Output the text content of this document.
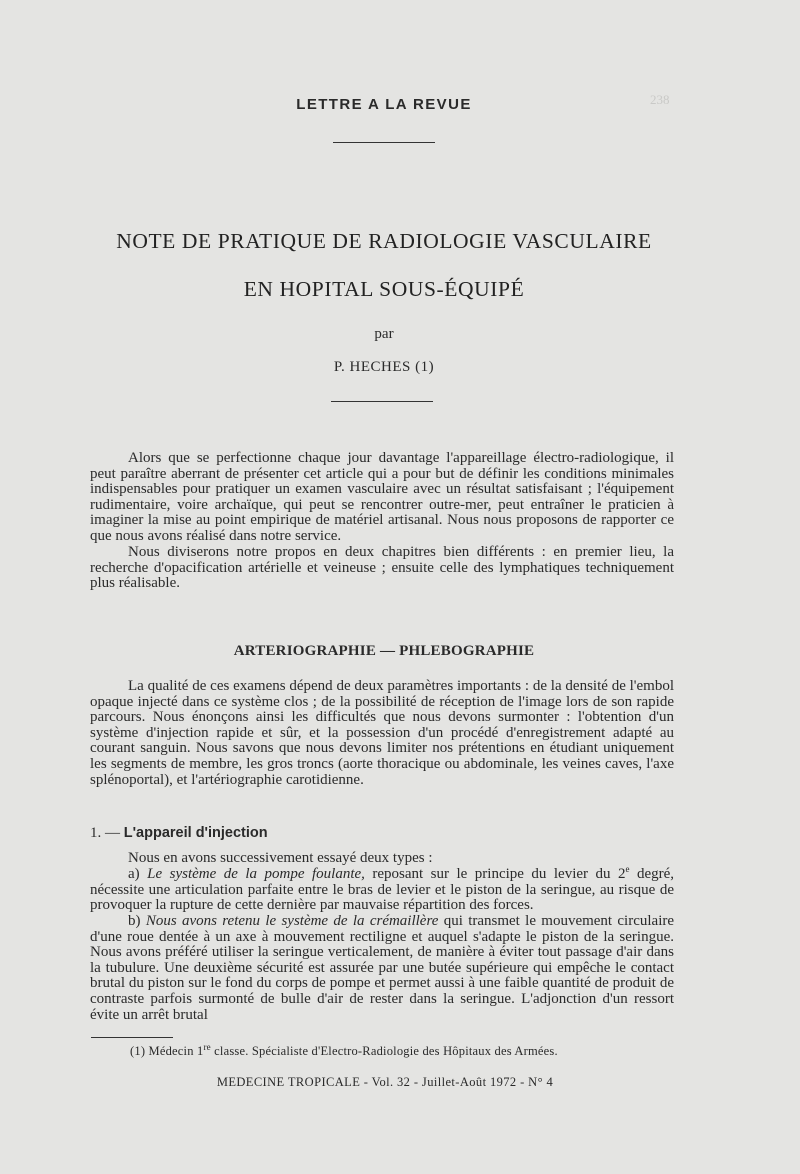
238
LETTRE A LA REVUE
NOTE DE PRATIQUE DE RADIOLOGIE VASCULAIRE
EN HOPITAL SOUS-ÉQUIPÉ
par
P. HECHES (1)

Alors que se perfectionne chaque jour davantage l'appareillage électro-radiologique, il peut paraître aberrant de présenter cet article qui a pour but de définir les conditions minimales indispensables pour pratiquer un examen vasculaire avec un résultat satisfaisant ; l'équipement rudimentaire, voire archaïque, qui peut se rencontrer outre-mer, peut entraîner le praticien à imaginer la mise au point empirique de matériel artisanal. Nous nous proposons de rapporter ce que nous avons réalisé dans notre service.

Nous diviserons notre propos en deux chapitres bien différents : en premier lieu, la recherche d'opacification artérielle et veineuse ; ensuite celle des lymphatiques techniquement plus réalisable.

ARTERIOGRAPHIE — PHLEBOGRAPHIE

La qualité de ces examens dépend de deux paramètres importants : de la densité de l'embol opaque injecté dans ce système clos ; de la possibilité de réception de l'image lors de son rapide parcours. Nous énonçons ainsi les difficultés que nous devons surmonter : l'obtention d'un système d'injection rapide et sûr, et la possession d'un procédé d'enregistrement adapté au courant sanguin. Nous savons que nous devons limiter nos prétentions en étudiant uniquement les segments de membre, les gros troncs (aorte thoracique ou abdominale, les veines caves, l'axe splénoportal), et l'artériographie carotidienne.

1. — L'appareil d'injection

Nous en avons successivement essayé deux types :

a) Le système de la pompe foulante, reposant sur le principe du levier du 2e degré, nécessite une articulation parfaite entre le bras de levier et le piston de la seringue, au risque de provoquer la rupture de cette dernière par mauvaise répartition des forces.

b) Nous avons retenu le système de la crémaillère qui transmet le mouvement circulaire d'une roue dentée à un axe à mouvement rectiligne et auquel s'adapte le piston de la seringue. Nous avons préféré utiliser la seringue verticalement, de manière à éviter tout passage d'air dans la tubulure. Une deuxième sécurité est assurée par une butée supérieure qui empêche le contact brutal du piston sur le fond du corps de pompe et permet aussi à une faible quantité de produit de contraste parfois surmonté de bulle d'air de rester dans la seringue. L'adjonction d'un ressort évite un arrêt brutal

(1) Médecin 1re classe. Spécialiste d'Electro-Radiologie des Hôpitaux des Armées.
MEDECINE TROPICALE - Vol. 32 - Juillet-Août 1972 - N° 4
